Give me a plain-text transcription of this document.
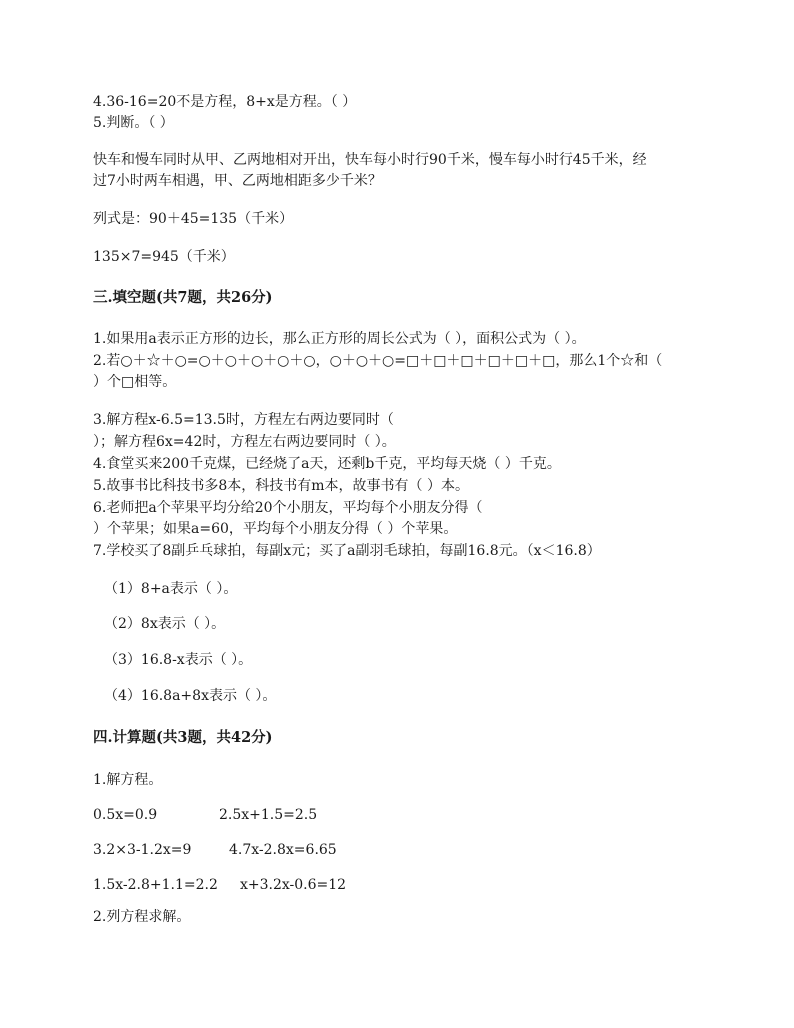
4.36-16=20不是方程，8+x是方程。（ ）
5.判断。（ ）
快车和慢车同时从甲、乙两地相对开出，快车每小时行90千米，慢车每小时行45千米，经
过7小时两车相遇，甲、乙两地相距多少千米？
列式是：90＋45=135（千米）
135×7=945（千米）
三.填空题(共7题，共26分)
1.如果用a表示正方形的边长，那么正方形的周长公式为（ ），面积公式为（ ）。
2.若○＋☆＋○=○＋○＋○＋○＋○，○＋○＋○=□＋□＋□＋□＋□＋□，那么1个☆和（
）个□相等。
3.解方程x-6.5=13.5时，方程左右两边要同时（
）；解方程6x=42时，方程左右两边要同时（ ）。
4.食堂买来200千克煤，已经烧了a天，还剩b千克，平均每天烧（ ）千克。
5.故事书比科技书多8本，科技书有m本，故事书有（ ）本。
6.老师把a个苹果平均分给20个小朋友，平均每个小朋友分得（
）个苹果；如果a=60，平均每个小朋友分得（ ）个苹果。
7.学校买了8副乒乓球拍，每副x元；买了a副羽毛球拍，每副16.8元。（x＜16.8）
（1）8+a表示（ ）。
（2）8x表示（ ）。
（3）16.8-x表示（ ）。
（4）16.8a+8x表示（ ）。
四.计算题(共3题，共42分)
1.解方程。
0.5x=0.9	2.5x+1.5=2.5
3.2×3-1.2x=9	4.7x-2.8x=6.65
1.5x-2.8+1.1=2.2 x+3.2x-0.6=12
2.列方程求解。
